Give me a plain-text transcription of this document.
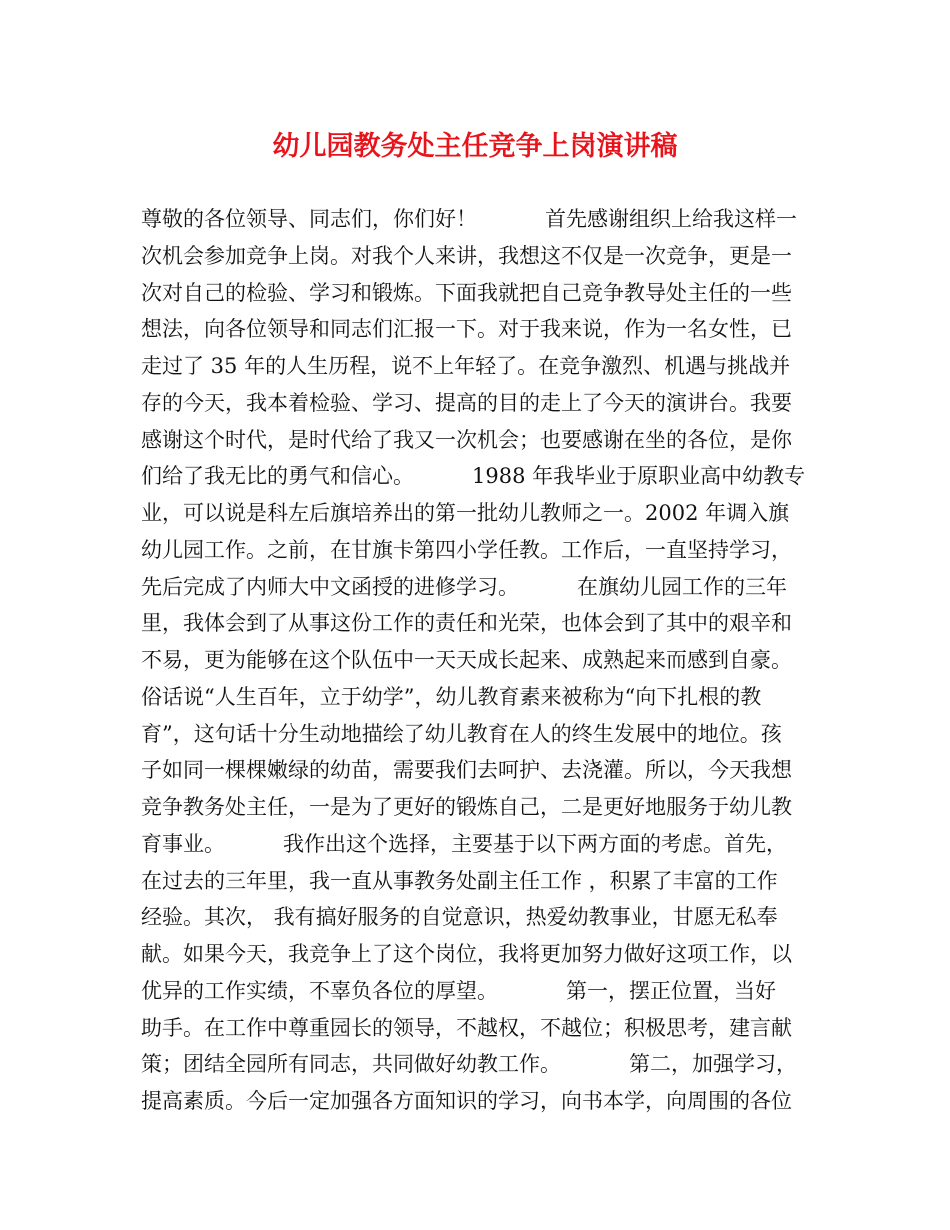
幼儿园教务处主任竞争上岗演讲稿
尊敬的各位领导、同志们，你们好！	首先感谢组织上给我这样一
次机会参加竞争上岗。对我个人来讲，我想这不仅是一次竞争，更是一
次对自己的检验、学习和锻炼。下面我就把自己竞争教导处主任的一些
想法，向各位领导和同志们汇报一下。对于我来说，作为一名女性，已
走过了 35 年的人生历程，说不上年轻了。在竞争激烈、机遇与挑战并
存的今天，我本着检验、学习、提高的目的走上了今天的演讲台。我要
感谢这个时代，是时代给了我又一次机会；也要感谢在坐的各位，是你
们给了我无比的勇气和信心。	1988 年我毕业于原职业高中幼教专
业，可以说是科左后旗培养出的第一批幼儿教师之一。2002 年调入旗
幼儿园工作。之前，在甘旗卡第四小学任教。工作后，一直坚持学习，
先后完成了内师大中文函授的进修学习。	在旗幼儿园工作的三年
里，我体会到了从事这份工作的责任和光荣，也体会到了其中的艰辛和
不易，更为能够在这个队伍中一天天成长起来、成熟起来而感到自豪。
俗话说“人生百年，立于幼学”，幼儿教育素来被称为“向下扎根的教
育”，这句话十分生动地描绘了幼儿教育在人的终生发展中的地位。孩
子如同一棵棵嫩绿的幼苗，需要我们去呵护、去浇灌。所以，今天我想
竞争教务处主任，一是为了更好的锻炼自己，二是更好地服务于幼儿教
育事业。	我作出这个选择，主要基于以下两方面的考虑。首先，
在过去的三年里，我一直从事教务处副主任工作 ，积累了丰富的工作
经验。其次， 我有搞好服务的自觉意识，热爱幼教事业，甘愿无私奉
献。如果今天，我竞争上了这个岗位，我将更加努力做好这项工作，以
优异的工作实绩，不辜负各位的厚望。	第一，摆正位置，当好
助手。在工作中尊重园长的领导，不越权，不越位；积极思考，建言献
策；团结全园所有同志，共同做好幼教工作。	第二，加强学习，
提高素质。今后一定加强各方面知识的学习，向书本学，向周围的各位
